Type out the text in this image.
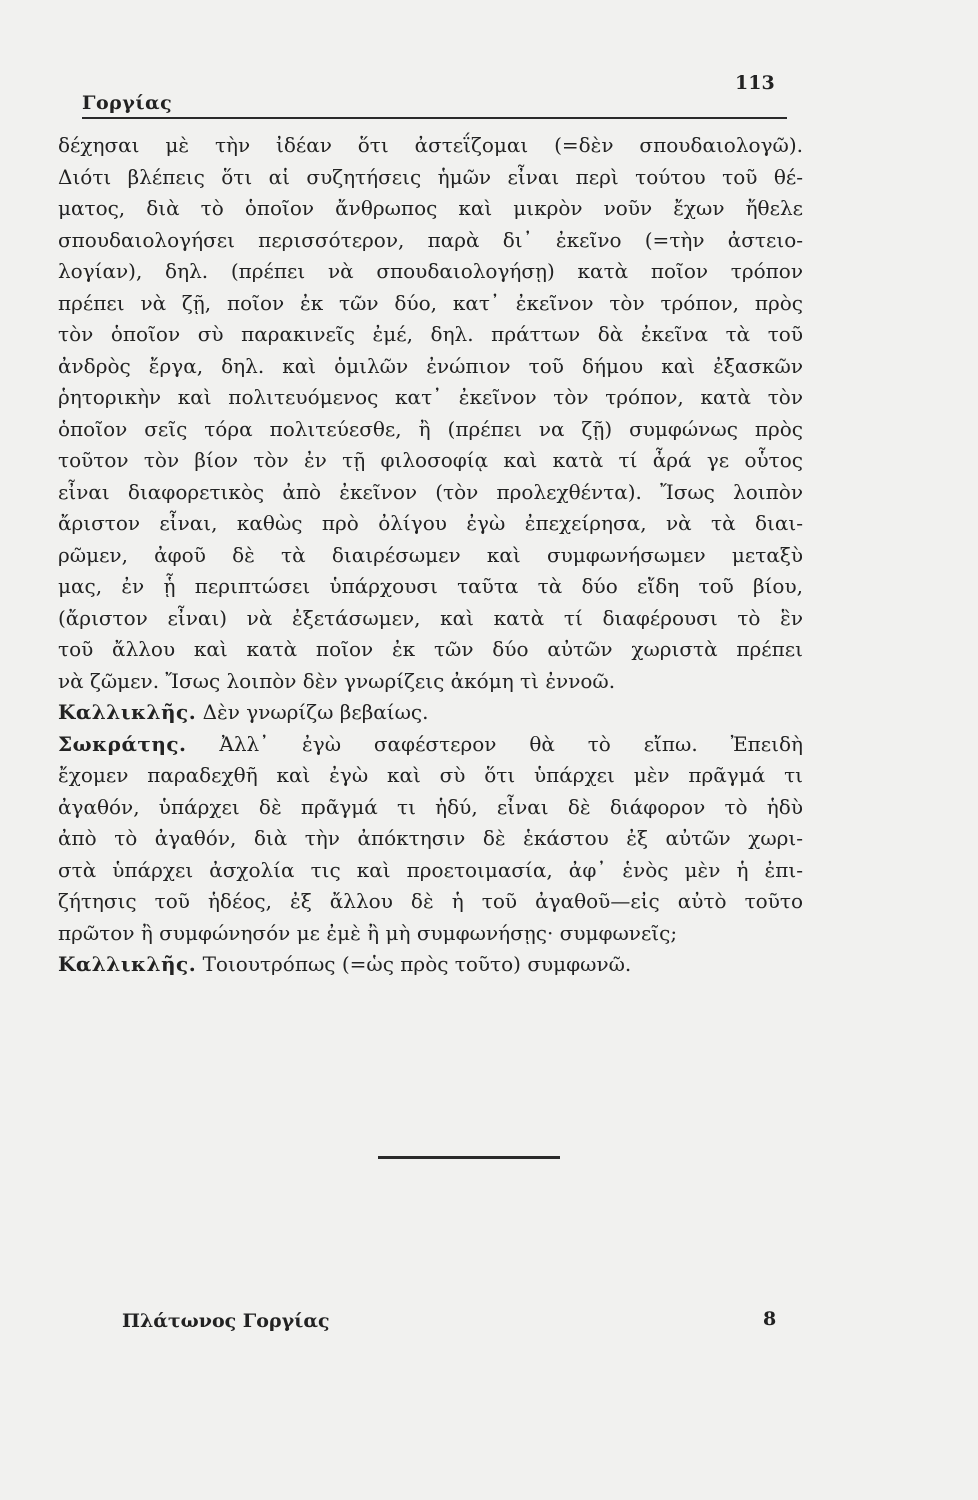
Γοργίας
113
δέχησαι μὲ τὴν ἰδέαν ὅτι ἀστεΐζομαι (=δὲν σπουδαιολογῶ).
Διότι βλέπεις ὅτι αἱ συζητήσεις ἡμῶν εἶναι περὶ τούτου τοῦ θέ-
ματος, διὰ τὸ ὁποῖον ἄνθρωπος καὶ μικρὸν νοῦν ἔχων ἤθελε
σπουδαιολογήσει περισσότερον, παρὰ δι᾽ ἐκεῖνο (=τὴν ἀστειο-
λογίαν), δηλ. (πρέπει νὰ σπουδαιολογήσῃ) κατὰ ποῖον τρόπον
πρέπει νὰ ζῇ, ποῖον ἐκ τῶν δύο, κατ᾽ ἐκεῖνον τὸν τρόπον, πρὸς
τὸν ὁποῖον σὺ παρακινεῖς ἐμέ, δηλ. πράττων δὰ ἐκεῖνα τὰ τοῦ
ἀνδρὸς ἔργα, δηλ. καὶ ὁμιλῶν ἐνώπιον τοῦ δήμου καὶ ἐξασκῶν
ῥητορικὴν καὶ πολιτευόμενος κατ᾽ ἐκεῖνον τὸν τρόπον, κατὰ τὸν
ὁποῖον σεῖς τόρα πολιτεύεσθε, ἢ (πρέπει να ζῇ) συμφώνως πρὸς
τοῦτον τὸν βίον τὸν ἐν τῇ φιλοσοφίᾳ καὶ κατὰ τί ἆρά γε οὗτος
εἶναι διαφορετικὸς ἀπὸ ἐκεῖνον (τὸν προλεχθέντα). Ἴσως λοιπὸν
ἄριστον εἶναι, καθὼς πρὸ ὀλίγου ἐγὼ ἐπεχείρησα, νὰ τὰ διαι-
ρῶμεν, ἀφοῦ δὲ τὰ διαιρέσωμεν καὶ συμφωνήσωμεν μεταξὺ
μας, ἐν ᾗ περιπτώσει ὑπάρχουσι ταῦτα τὰ δύο εἴδη τοῦ βίου,
(ἄριστον εἶναι) νὰ ἐξετάσωμεν, καὶ κατὰ τί διαφέρουσι τὸ ἓν
τοῦ ἄλλου καὶ κατὰ ποῖον ἐκ τῶν δύο αὐτῶν χωριστὰ πρέπει
νὰ ζῶμεν. Ἴσως λοιπὸν δὲν γνωρίζεις ἀκόμη τὶ ἐννοῶ.
Καλλικλῆς. Δὲν γνωρίζω βεβαίως.
Σωκράτης. Ἀλλ᾽ ἐγὼ σαφέστερον θὰ τὸ εἴπω. Ἐπειδὴ
ἔχομεν παραδεχθῆ καὶ ἐγὼ καὶ σὺ ὅτι ὑπάρχει μὲν πρᾶγμά τι
ἀγαθόν, ὑπάρχει δὲ πρᾶγμά τι ἡδύ, εἶναι δὲ διάφορον τὸ ἡδὺ
ἀπὸ τὸ ἀγαθόν, διὰ τὴν ἀπόκτησιν δὲ ἑκάστου ἐξ αὐτῶν χωρι-
στὰ ὑπάρχει ἀσχολία τις καὶ προετοιμασία, ἀφ᾽ ἑνὸς μὲν ἡ ἐπι-
ζήτησις τοῦ ἡδέος, ἐξ ἄλλου δὲ ἡ τοῦ ἀγαθοῦ—εἰς αὐτὸ τοῦτο
πρῶτον ἢ συμφώνησόν με ἐμὲ ἢ μὴ συμφωνήσῃς· συμφωνεῖς;
Καλλικλῆς. Τοιουτρόπως (=ὡς πρὸς τοῦτο) συμφωνῶ.
Πλάτωνος Γοργίας	8
